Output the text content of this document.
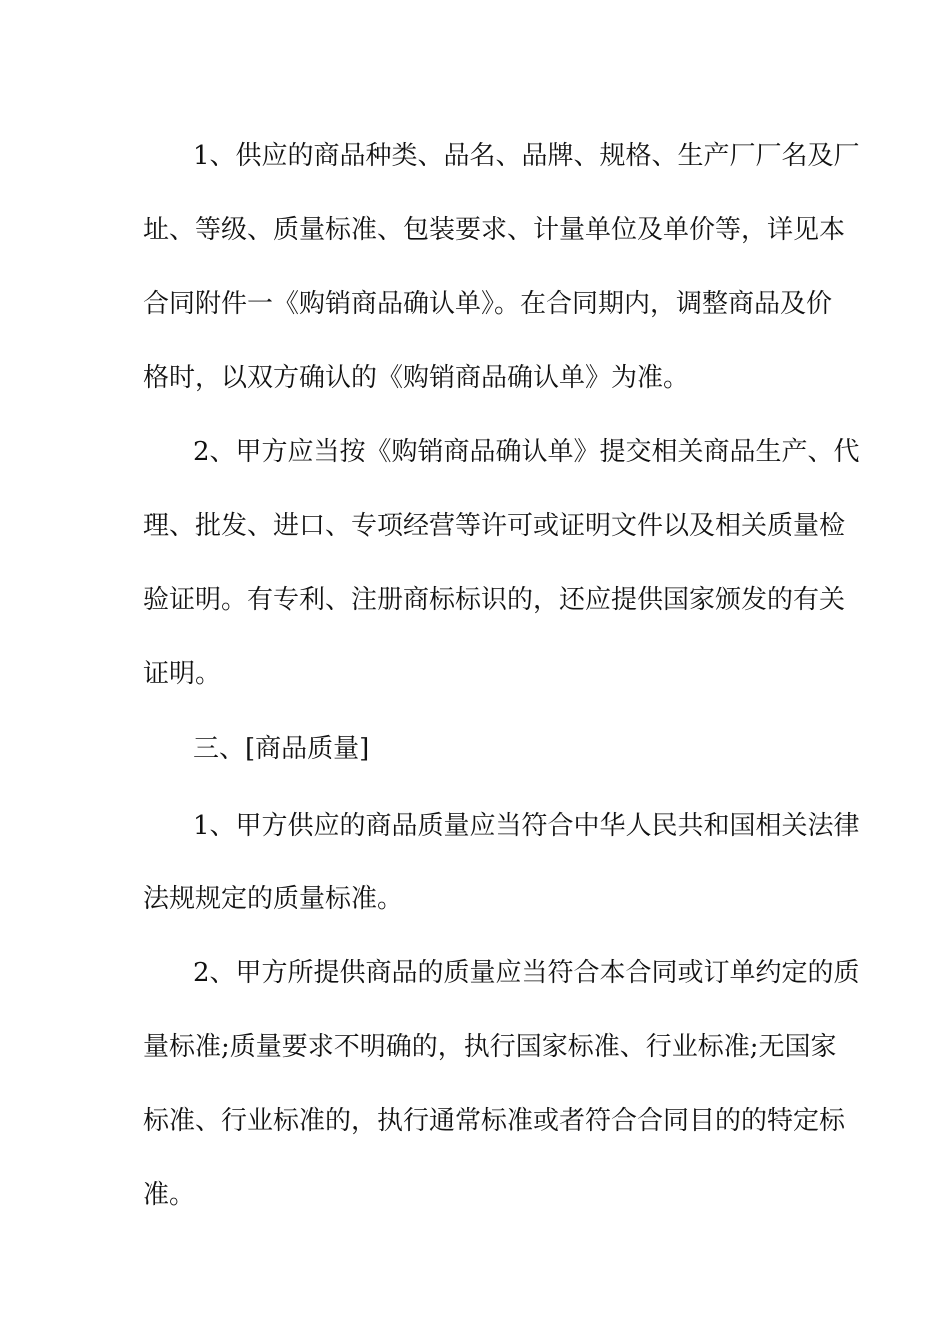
1、供应的商品种类、品名、品牌、规格、生产厂厂名及厂
址、等级、质量标准、包装要求、计量单位及单价等，详见本
合同附件一《购销商品确认单》。在合同期内，调整商品及价
格时，以双方确认的《购销商品确认单》为准。
2、甲方应当按《购销商品确认单》提交相关商品生产、代
理、批发、进口、专项经营等许可或证明文件以及相关质量检
验证明。有专利、注册商标标识的，还应提供国家颁发的有关
证明。
三、[商品质量]
1、甲方供应的商品质量应当符合中华人民共和国相关法律
法规规定的质量标准。
2、甲方所提供商品的质量应当符合本合同或订单约定的质
量标准;质量要求不明确的，执行国家标准、行业标准;无国家
标准、行业标准的，执行通常标准或者符合合同目的的特定标
准。
